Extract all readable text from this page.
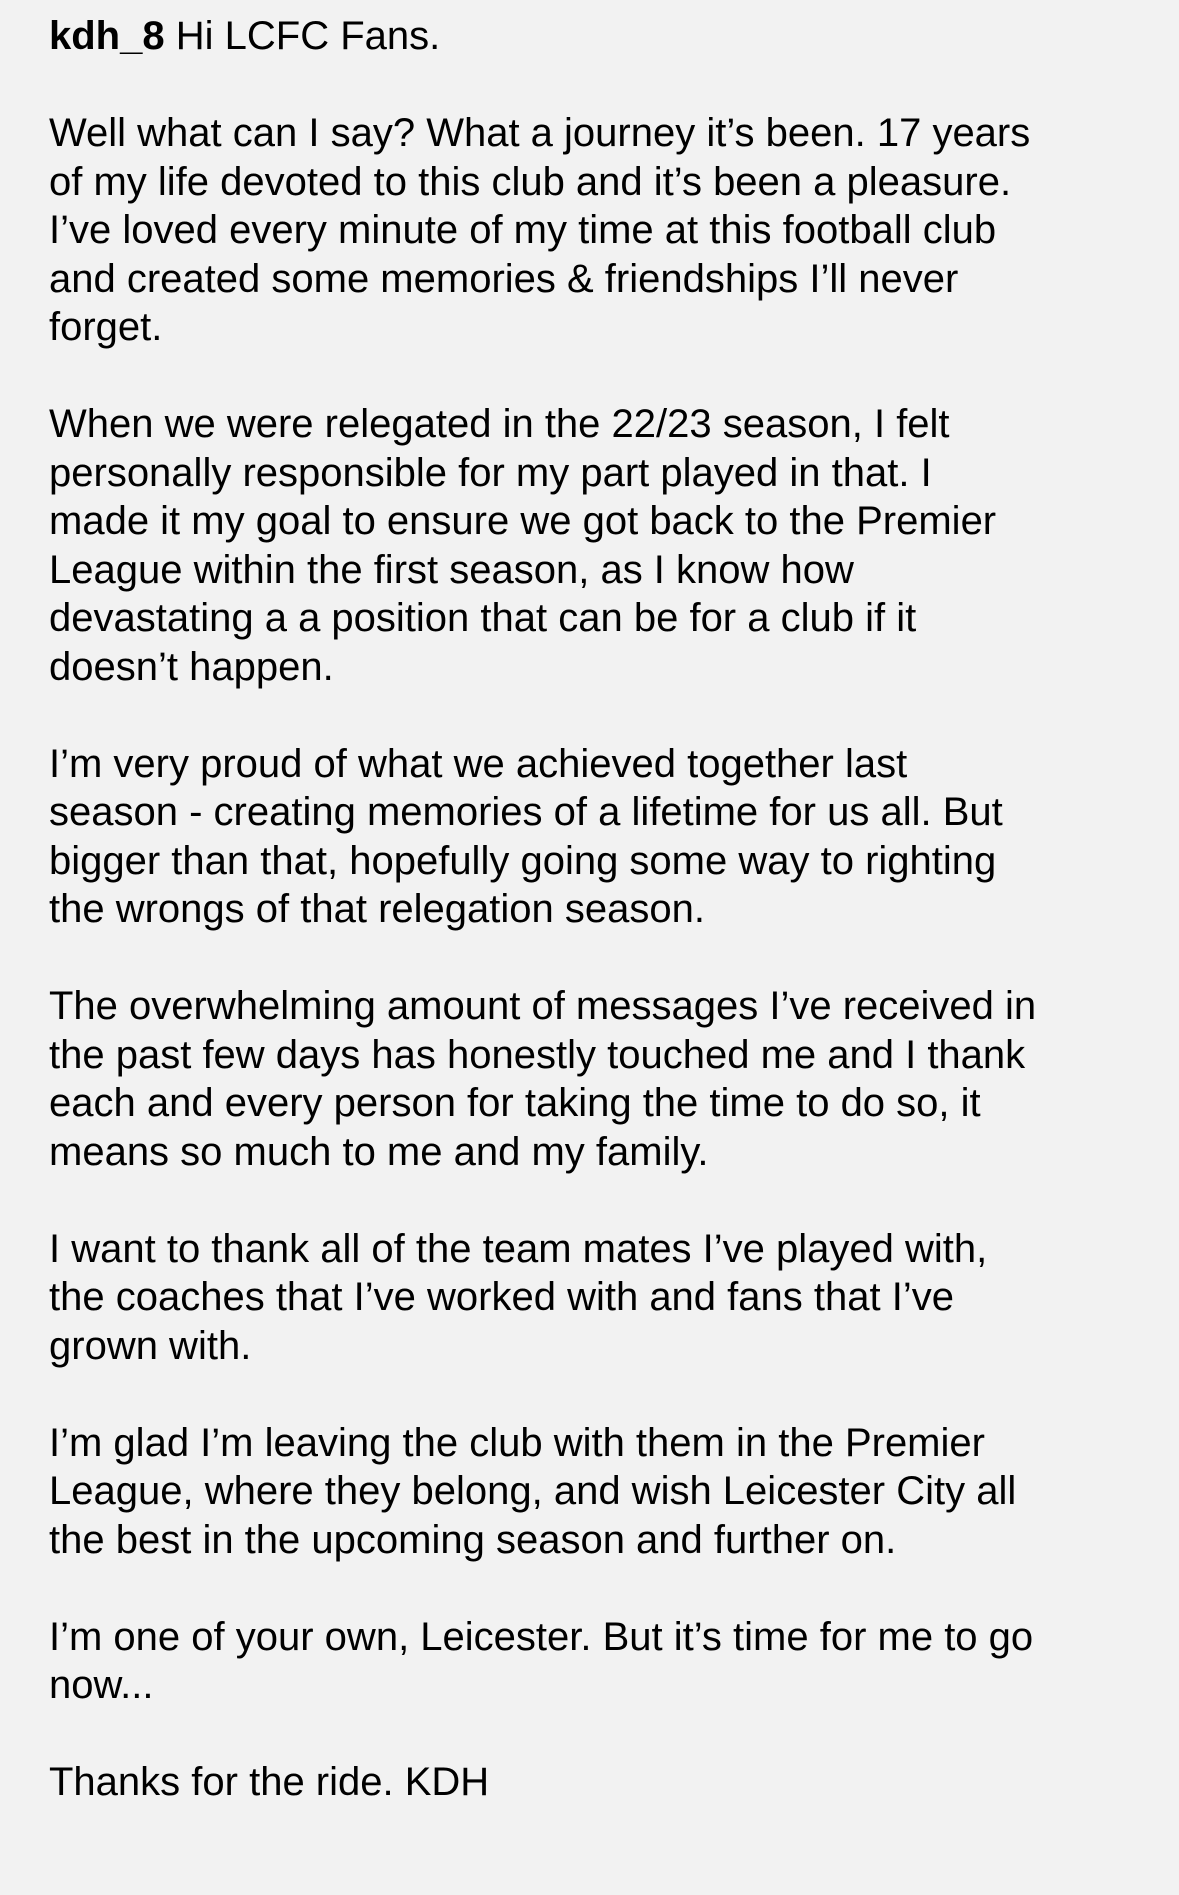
kdh_8 Hi LCFC Fans.

Well what can I say? What a journey it’s been. 17 years
of my life devoted to this club and it’s been a pleasure.
I’ve loved every minute of my time at this football club
and created some memories & friendships I’ll never
forget.

When we were relegated in the 22/23 season, I felt
personally responsible for my part played in that. I
made it my goal to ensure we got back to the Premier
League within the first season, as I know how
devastating a a position that can be for a club if it
doesn’t happen.

I’m very proud of what we achieved together last
season - creating memories of a lifetime for us all. But
bigger than that, hopefully going some way to righting
the wrongs of that relegation season.

The overwhelming amount of messages I’ve received in
the past few days has honestly touched me and I thank
each and every person for taking the time to do so, it
means so much to me and my family.

I want to thank all of the team mates I’ve played with,
the coaches that I’ve worked with and fans that I’ve
grown with.

I’m glad I’m leaving the club with them in the Premier
League, where they belong, and wish Leicester City all
the best in the upcoming season and further on.

I’m one of your own, Leicester. But it’s time for me to go
now...

Thanks for the ride. KDH
